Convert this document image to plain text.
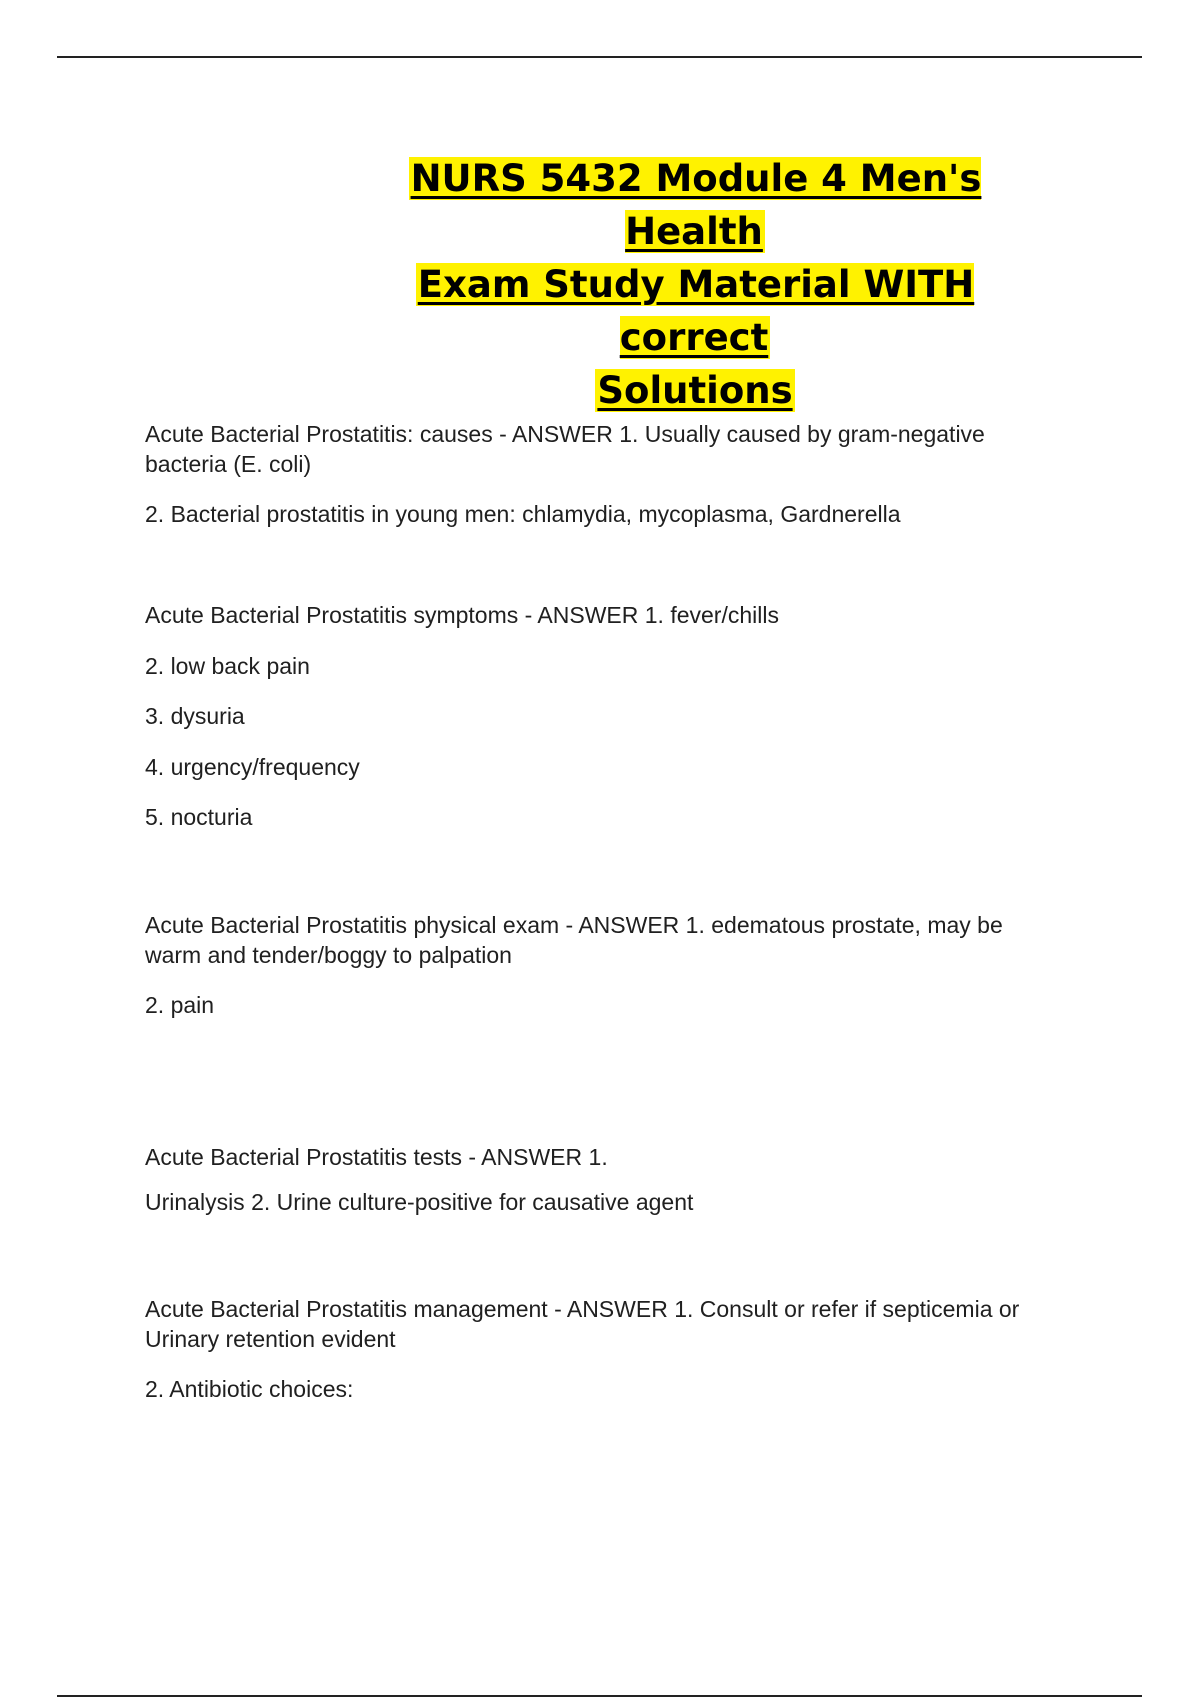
NURS 5432 Module 4 Men's Health
Exam Study Material WITH correct
Solutions
Acute Bacterial Prostatitis: causes - ANSWER 1. Usually caused by gram-negative
bacteria (E. coli)
2. Bacterial prostatitis in young men: chlamydia, mycoplasma, Gardnerella
Acute Bacterial Prostatitis symptoms - ANSWER 1. fever/chills
2. low back pain
3. dysuria
4. urgency/frequency
5. nocturia
Acute Bacterial Prostatitis physical exam - ANSWER 1. edematous prostate, may be
warm and tender/boggy to palpation
2. pain
Acute Bacterial Prostatitis tests - ANSWER 1.
Urinalysis 2. Urine culture-positive for causative agent
Acute Bacterial Prostatitis management - ANSWER 1. Consult or refer if septicemia or
Urinary retention evident
2. Antibiotic choices:
